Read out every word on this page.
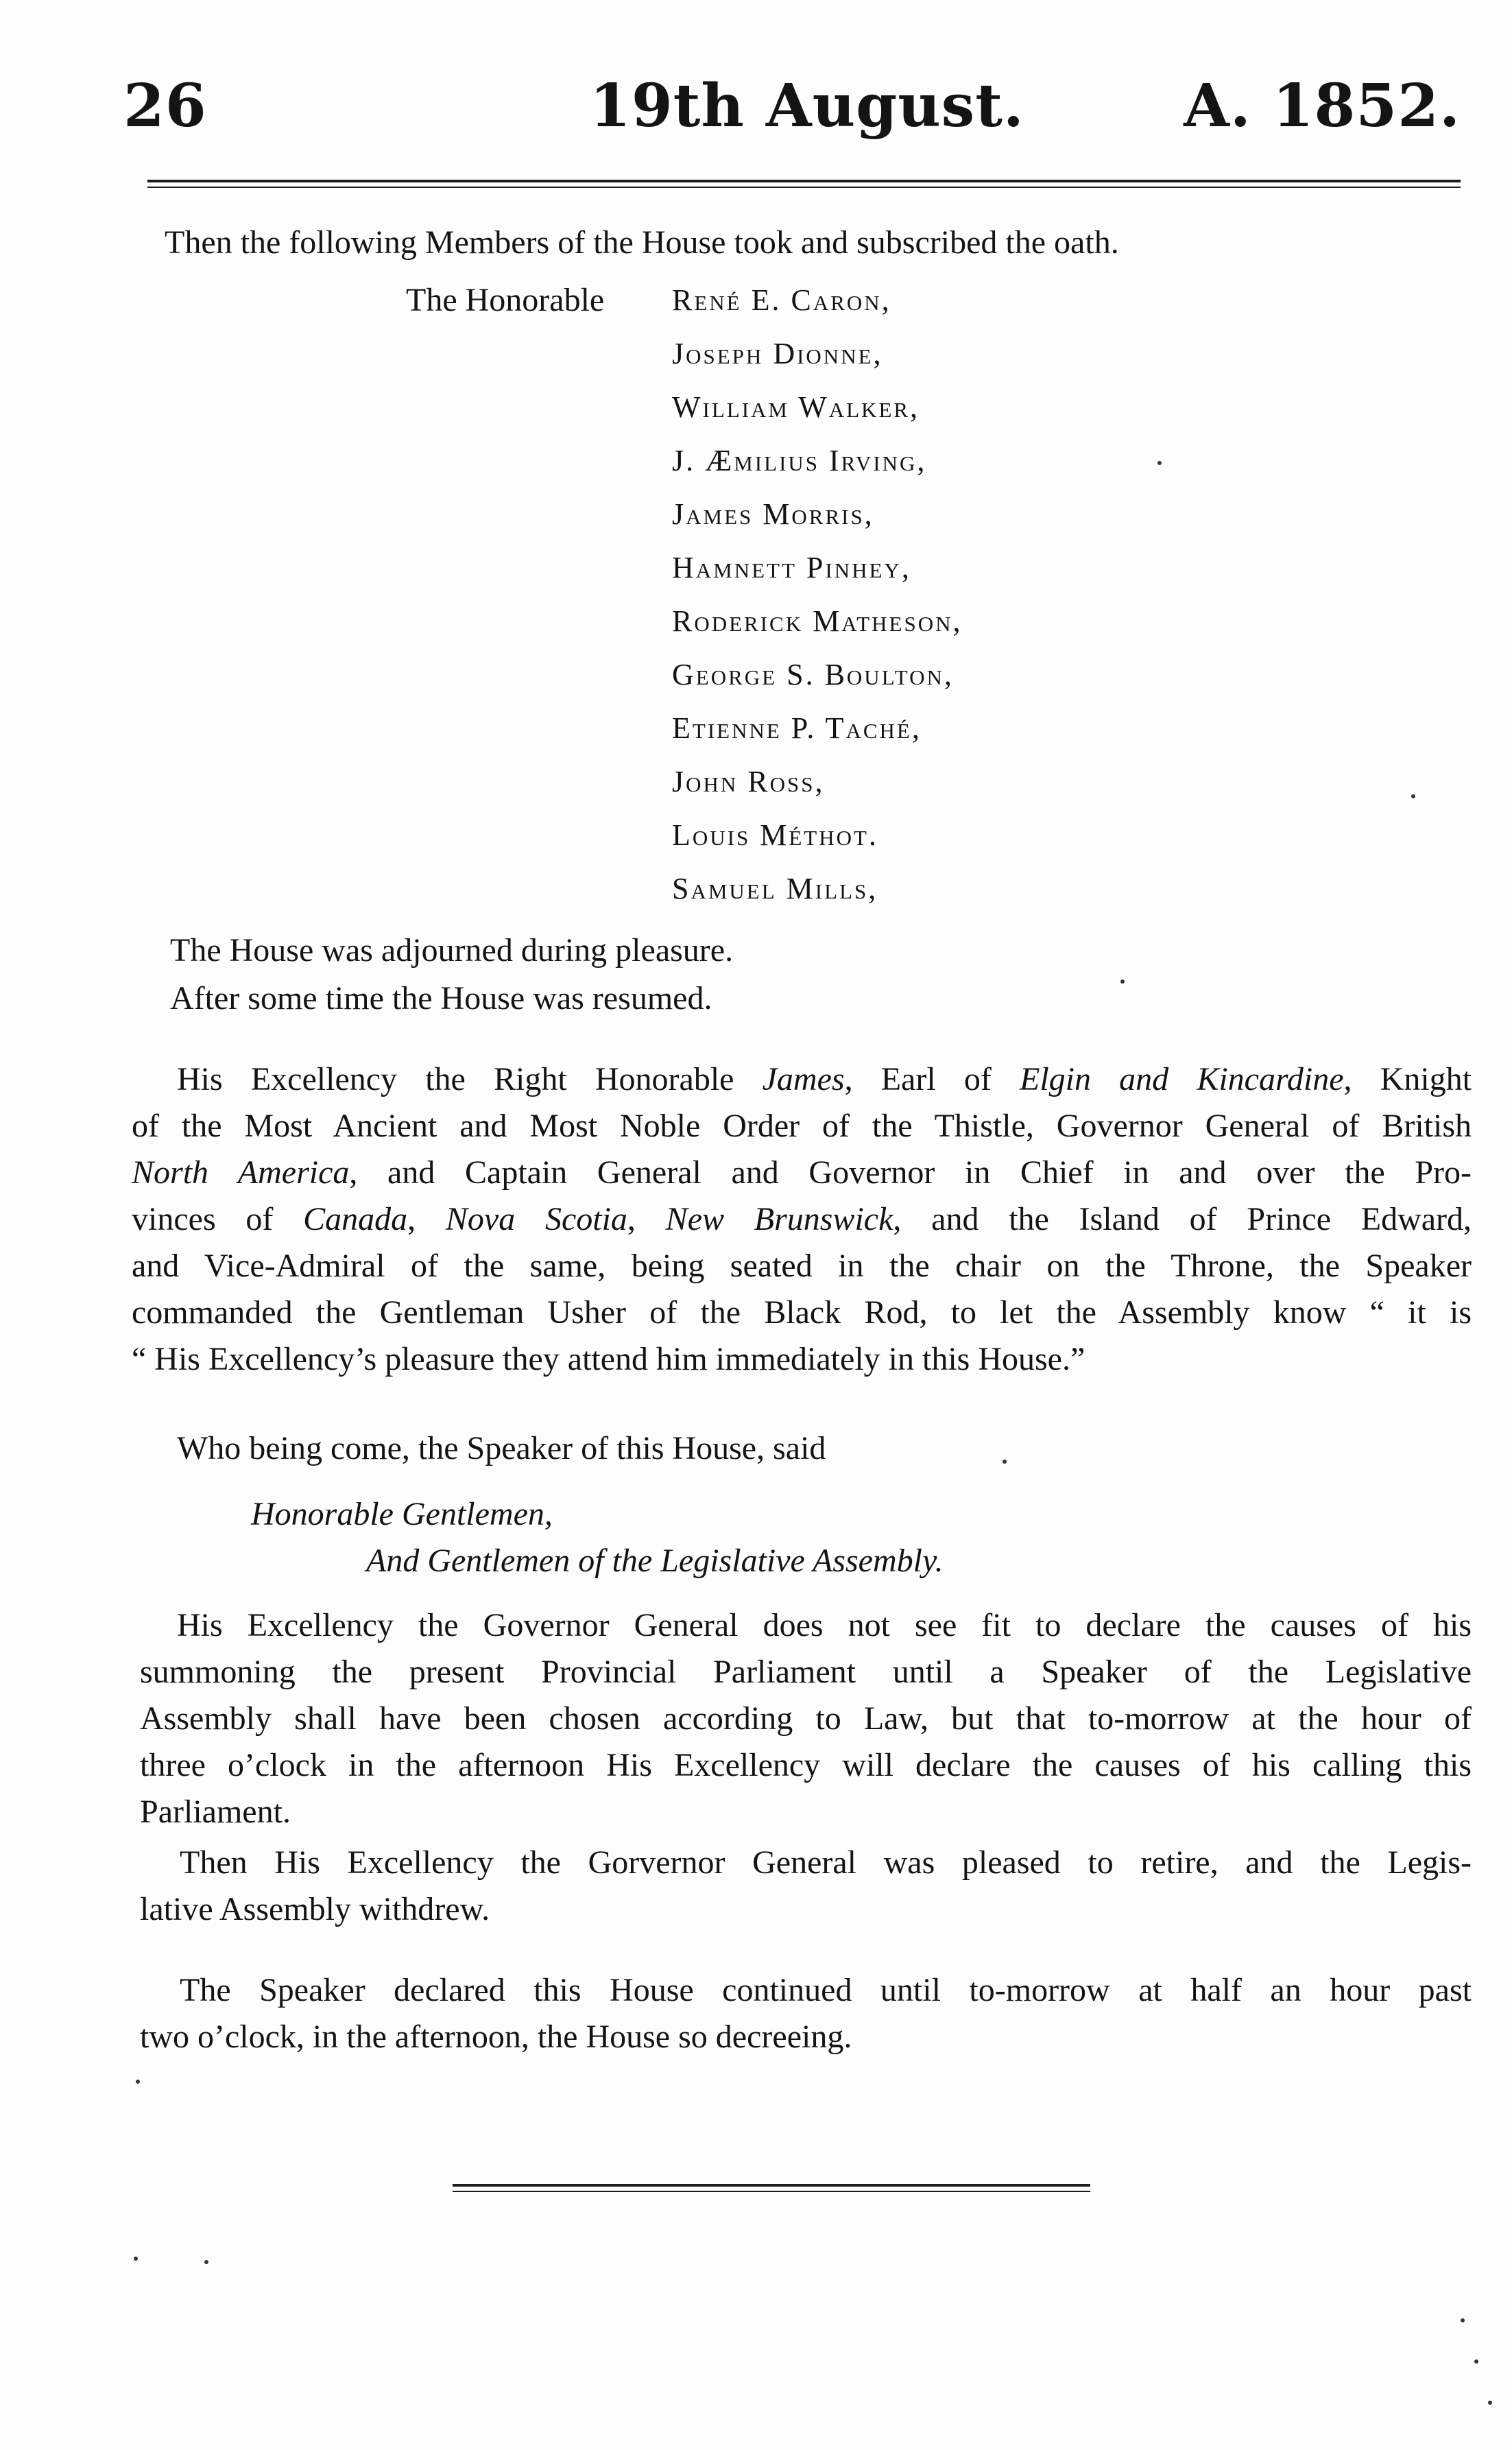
26	19th August.	A. 1852.
Then the following Members of the House took and subscribed the oath.
The Honorable René E. Caron,
Joseph Dionne,
William Walker,
J. Æmilius Irving,
James Morris,
Hamnett Pinhey,
Roderick Matheson,
George S. Boulton,
Etienne P. Taché,
John Ross,
Louis Méthot.
Samuel Mills,
The House was adjourned during pleasure.
After some time the House was resumed.
His Excellency the Right Honorable James, Earl of Elgin and Kincardine, Knight
of the Most Ancient and Most Noble Order of the Thistle, Governor General of British
North America, and Captain General and Governor in Chief in and over the Pro-
vinces of Canada, Nova Scotia, New Brunswick, and the Island of Prince Edward,
and Vice-Admiral of the same, being seated in the chair on the Throne, the Speaker
commanded the Gentleman Usher of the Black Rod, to let the Assembly know “ it is
“ His Excellency’s pleasure they attend him immediately in this House.”
Who being come, the Speaker of this House, said
Honorable Gentlemen,
And Gentlemen of the Legislative Assembly.
His Excellency the Governor General does not see fit to declare the causes of his
summoning the present Provincial Parliament until a Speaker of the Legislative
Assembly shall have been chosen according to Law, but that to-morrow at the hour of
three o’clock in the afternoon His Excellency will declare the causes of his calling this
Parliament.
Then His Excellency the Gorvernor General was pleased to retire, and the Legis-
lative Assembly withdrew.
The Speaker declared this House continued until to-morrow at half an hour past
two o’clock, in the afternoon, the House so decreeing.
